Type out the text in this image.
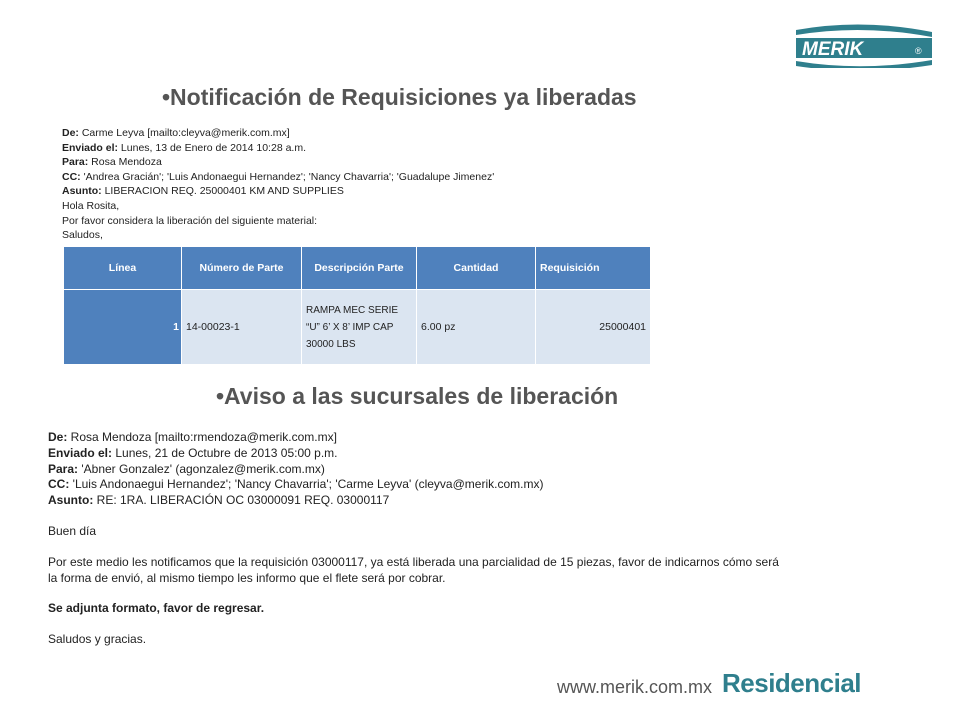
MERIK	®
•Notificación de Requisiciones ya liberadas
De: Carme Leyva [mailto:cleyva@merik.com.mx]
Enviado el: Lunes, 13 de Enero de 2014 10:28 a.m.
Para: Rosa Mendoza
CC: 'Andrea Gracián'; 'Luis Andonaegui Hernandez'; 'Nancy Chavarria'; 'Guadalupe Jimenez'
Asunto: LIBERACION REQ. 25000401 KM AND SUPPLIES
Hola Rosita,
Por favor considera la liberación del siguiente material:
Saludos,
Línea	Número de Parte	Descripción Parte	Cantidad	Requisición
1	14-00023-1	RAMPA MEC SERIE
“U” 6’ X 8’ IMP CAP
30000 LBS	6.00 pz	25000401
•Aviso a las sucursales de liberación
De: Rosa Mendoza [mailto:rmendoza@merik.com.mx]
Enviado el: Lunes, 21 de Octubre de 2013 05:00 p.m.
Para: 'Abner Gonzalez' (agonzalez@merik.com.mx)
CC: 'Luis Andonaegui Hernandez'; 'Nancy Chavarria'; 'Carme Leyva' (cleyva@merik.com.mx)
Asunto: RE: 1RA. LIBERACIÓN OC 03000091 REQ. 03000117
Buen día
Por este medio les notificamos que la requisición 03000117, ya está liberada una parcialidad de 15 piezas, favor de indicarnos cómo será
la forma de envió, al mismo tiempo les informo que el flete será por cobrar.
Se adjunta formato, favor de regresar.
Saludos y gracias.
www.merik.com.mx Residencial
